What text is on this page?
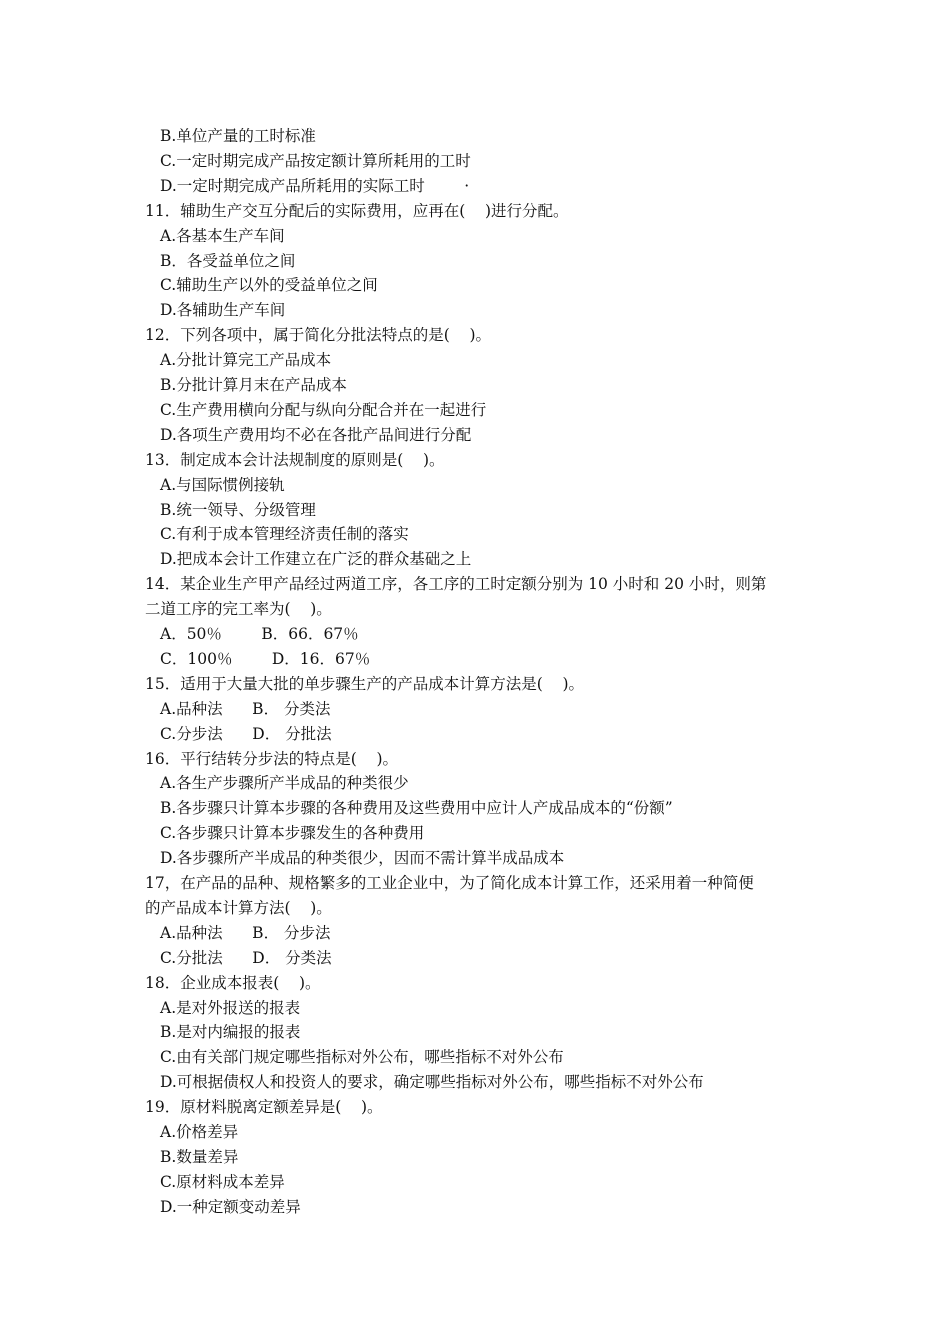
B.单位产量的工时标准

C.一定时期完成产品按定额计算所耗用的工时

D.一定时期完成产品所耗用的实际工时        ·

11．辅助生产交互分配后的实际费用，应再在(    )进行分配。

A.各基本生产车间

B．各受益单位之间

C.辅助生产以外的受益单位之间

D.各辅助生产车间

12．下列各项中，属于简化分批法特点的是(    )。

A.分批计算完工产品成本

B.分批计算月末在产品成本

C.生产费用横向分配与纵向分配合并在一起进行

D.各项生产费用均不必在各批产品间进行分配

13．制定成本会计法规制度的原则是(    )。

A.与国际惯例接轨

B.统一领导、分级管理

C.有利于成本管理经济责任制的落实

D.把成本会计工作建立在广泛的群众基础之上

14．某企业生产甲产品经过两道工序，各工序的工时定额分别为 10 小时和 20 小时，则第

二道工序的完工率为(    )。

A．50％        B．66．67％

C．100％        D．16．67％

15．适用于大量大批的单步骤生产的产品成本计算方法是(    )。

A.品种法      B． 分类法

C.分步法      D． 分批法

16．平行结转分步法的特点是(    )。

A.各生产步骤所产半成品的种类很少

B.各步骤只计算本步骤的各种费用及这些费用中应计人产成品成本的“份额”

C.各步骤只计算本步骤发生的各种费用

D.各步骤所产半成品的种类很少，因而不需计算半成品成本

17，在产品的品种、规格繁多的工业企业中，为了简化成本计算工作，还采用着一种简便

的产品成本计算方法(    )。

A.品种法      B． 分步法

C.分批法      D． 分类法

18．企业成本报表(    )。

A.是对外报送的报表

B.是对内编报的报表

C.由有关部门规定哪些指标对外公布，哪些指标不对外公布

D.可根据债权人和投资人的要求，确定哪些指标对外公布，哪些指标不对外公布

19．原材料脱离定额差异是(    )。

A.价格差异

B.数量差异

C.原材料成本差异

D.一种定额变动差异
